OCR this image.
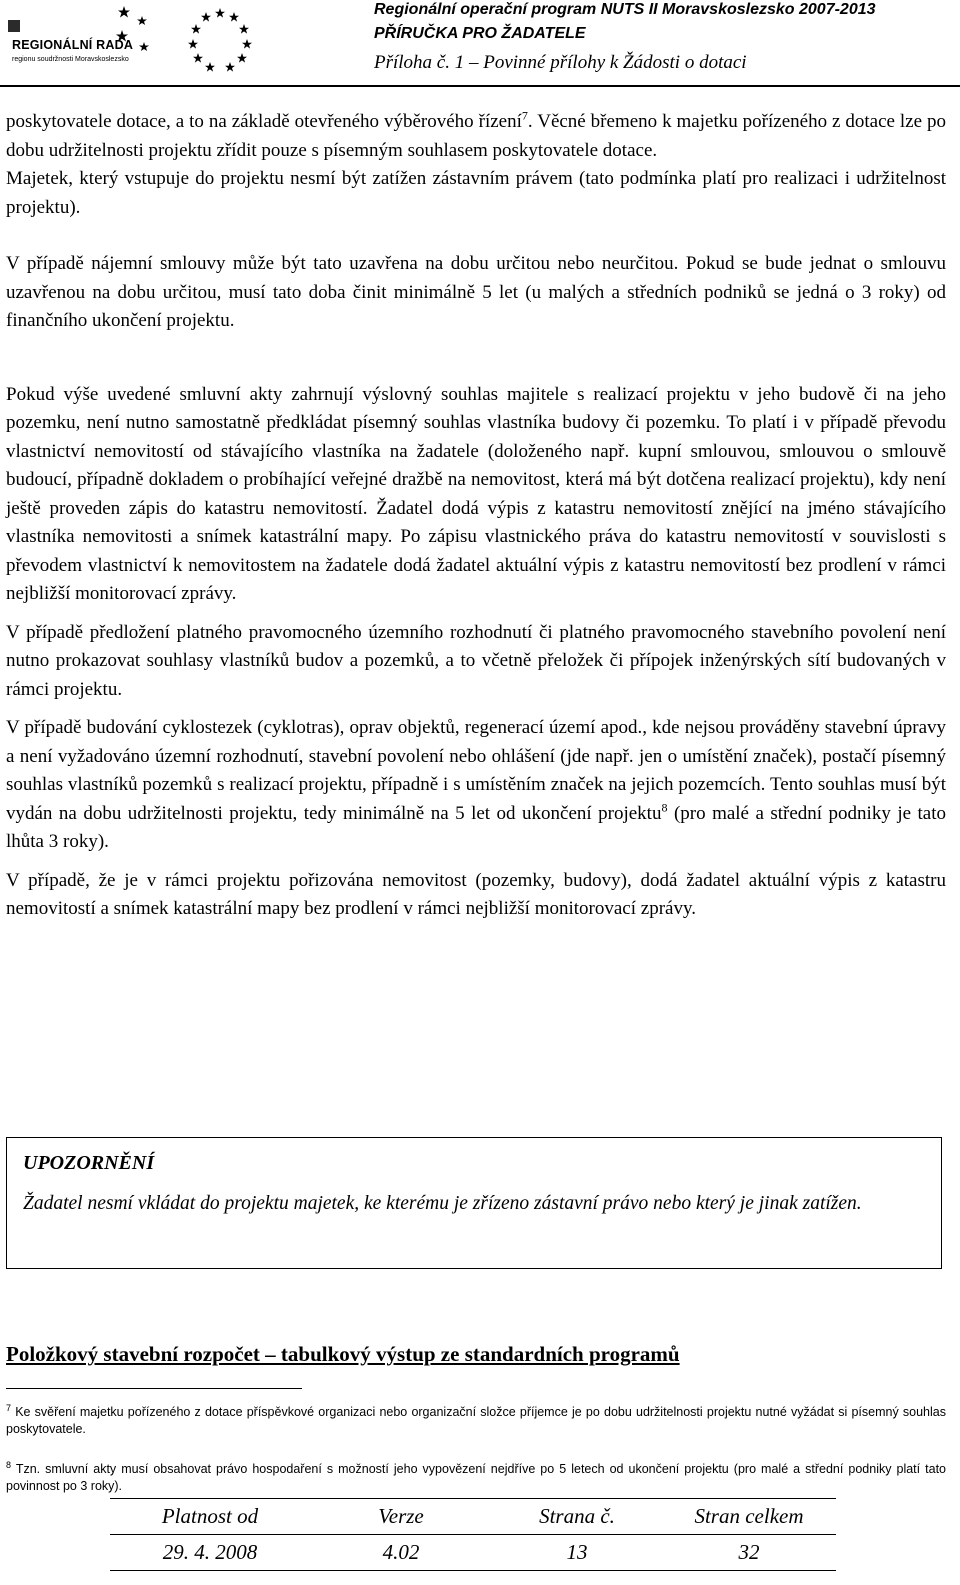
REGIONÁLNÍ RADA
regionu soudržnosti Moravskoslezsko
Regionální operační program NUTS II Moravskoslezsko 2007-2013
PŘÍRUČKA PRO ŽADATELE
Příloha č. 1 – Povinné přílohy k Žádosti o dotaci

poskytovatele dotace, a to na základě otevřeného výběrového řízení$^7$. Věcné břemeno k majetku pořízeného z dotace lze po dobu udržitelnosti projektu zřídit pouze s písemným souhlasem poskytovatele dotace.

Majetek, který vstupuje do projektu nesmí být zatížen zástavním právem (tato podmínka platí pro realizaci i udržitelnost projektu).

V případě nájemní smlouvy může být tato uzavřena na dobu určitou nebo neurčitou. Pokud se bude jednat o smlouvu uzavřenou na dobu určitou, musí tato doba činit minimálně 5 let (u malých a středních podniků se jedná o 3 roky) od finančního ukončení projektu.

Pokud výše uvedené smluvní akty zahrnují výslovný souhlas majitele s realizací projektu v jeho budově či na jeho pozemku, není nutno samostatně předkládat písemný souhlas vlastníka budovy či pozemku. To platí i v případě převodu vlastnictví nemovitostí od stávajícího vlastníka na žadatele (doloženého např. kupní smlouvou, smlouvou o smlouvě budoucí, případně dokladem o probíhající veřejné dražbě na nemovitost, která má být dotčena realizací projektu), kdy není ještě proveden zápis do katastru nemovitostí. Žadatel dodá výpis z katastru nemovitostí znějící na jméno stávajícího vlastníka nemovitosti a snímek katastrální mapy. Po zápisu vlastnického práva do katastru nemovitostí v souvislosti s převodem vlastnictví k nemovitostem na žadatele dodá žadatel aktuální výpis z katastru nemovitostí bez prodlení v rámci nejbližší monitorovací zprávy.

V případě předložení platného pravomocného územního rozhodnutí či platného pravomocného stavebního povolení není nutno prokazovat souhlasy vlastníků budov a pozemků, a to včetně přeložek či přípojek inženýrských sítí budovaných v rámci projektu.

V případě budování cyklostezek (cyklotras), oprav objektů, regenerací území apod., kde nejsou prováděny stavební úpravy a není vyžadováno územní rozhodnutí, stavební povolení nebo ohlášení (jde např. jen o umístění značek), postačí písemný souhlas vlastníků pozemků s realizací projektu, případně i s umístěním značek na jejich pozemcích. Tento souhlas musí být vydán na dobu udržitelnosti projektu, tedy minimálně na 5 let od ukončení projektu$^8$ (pro malé a střední podniky je tato lhůta 3 roky).

V případě, že je v rámci projektu pořizována nemovitost (pozemky, budovy), dodá žadatel aktuální výpis z katastru nemovitostí a snímek katastrální mapy bez prodlení v rámci nejbližší monitorovací zprávy.

UPOZORNĚNÍ
Žadatel nesmí vkládat do projektu majetek, ke kterému je zřízeno zástavní právo nebo který je jinak zatížen.
Položkový stavební rozpočet – tabulkový výstup ze standardních programů
$^7$ Ke svěření majetku pořízeného z dotace příspěvkové organizaci nebo organizační složce příjemce je po dobu udržitelnosti projektu nutné vyžádat si písemný souhlas poskytovatele.
$^8$ Tzn. smluvní akty musí obsahovat právo hospodaření s možností jeho vypovězení nejdříve po 5 letech od ukončení projektu (pro malé a střední podniky platí tato povinnost po 3 roky).
Platnost od	Verze	Strana č.	Stran celkem
29. 4. 2008	4.02	13	32
